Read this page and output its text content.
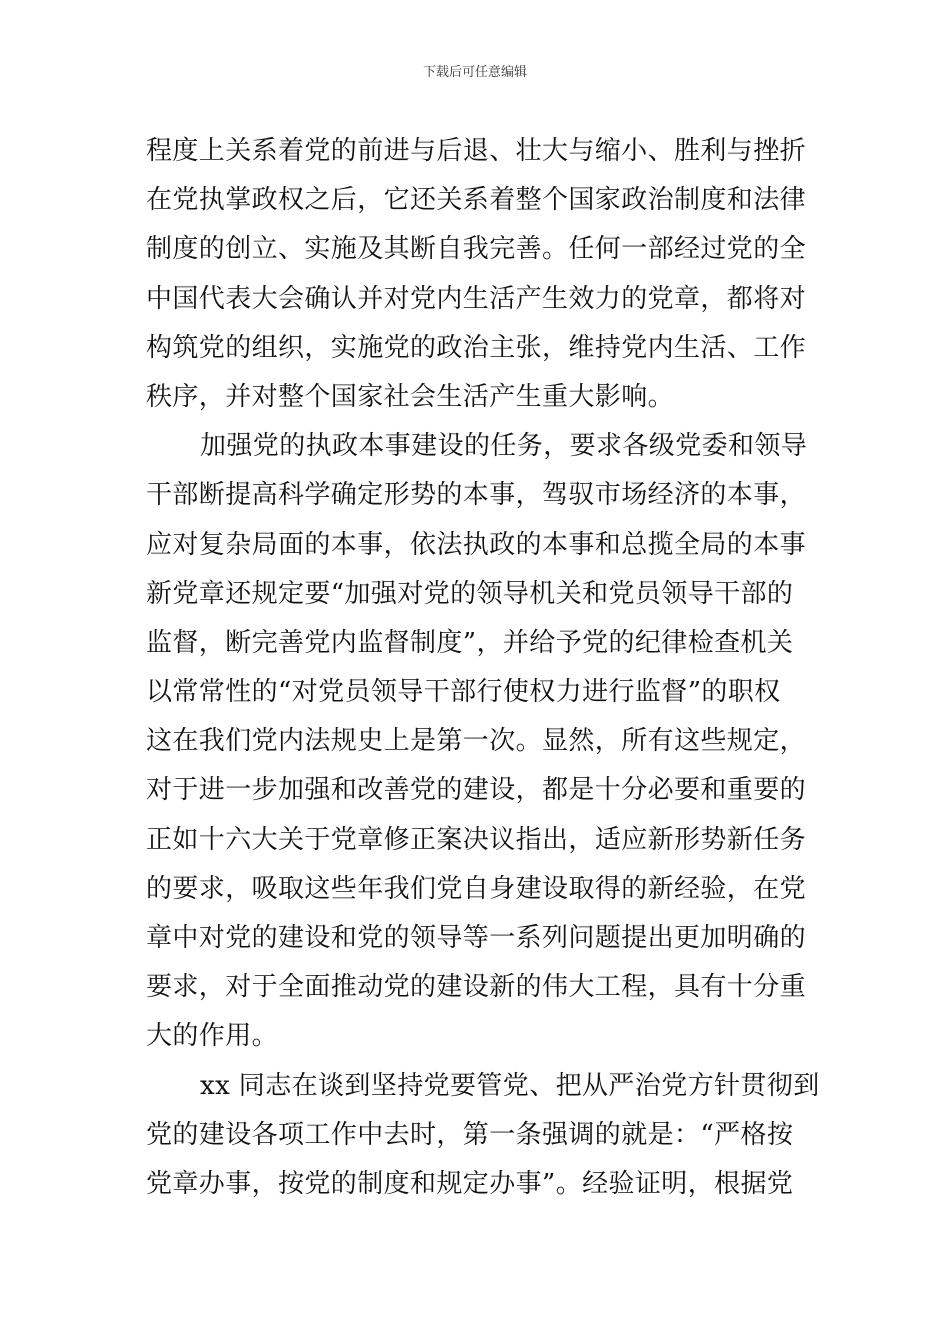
下载后可任意编辑
程度上关系着党的前进与后退、壮大与缩小、胜利与挫折
在党执掌政权之后，它还关系着整个国家政治制度和法律
制度的创立、实施及其断自我完善。任何一部经过党的全
中国代表大会确认并对党内生活产生效力的党章，都将对
构筑党的组织，实施党的政治主张，维持党内生活、工作
秩序，并对整个国家社会生活产生重大影响。
加强党的执政本事建设的任务，要求各级党委和领导
干部断提高科学确定形势的本事，驾驭市场经济的本事，
应对复杂局面的本事，依法执政的本事和总揽全局的本事
新党章还规定要“加强对党的领导机关和党员领导干部的
监督，断完善党内监督制度”，并给予党的纪律检查机关
以常常性的“对党员领导干部行使权力进行监督”的职权
这在我们党内法规史上是第一次。显然，所有这些规定，
对于进一步加强和改善党的建设，都是十分必要和重要的
正如十六大关于党章修正案决议指出，适应新形势新任务
的要求，吸取这些年我们党自身建设取得的新经验，在党
章中对党的建设和党的领导等一系列问题提出更加明确的
要求，对于全面推动党的建设新的伟大工程，具有十分重
大的作用。
xx 同志在谈到坚持党要管党、把从严治党方针贯彻到
党的建设各项工作中去时，第一条强调的就是：“严格按
党章办事，按党的制度和规定办事”。经验证明，根据党
